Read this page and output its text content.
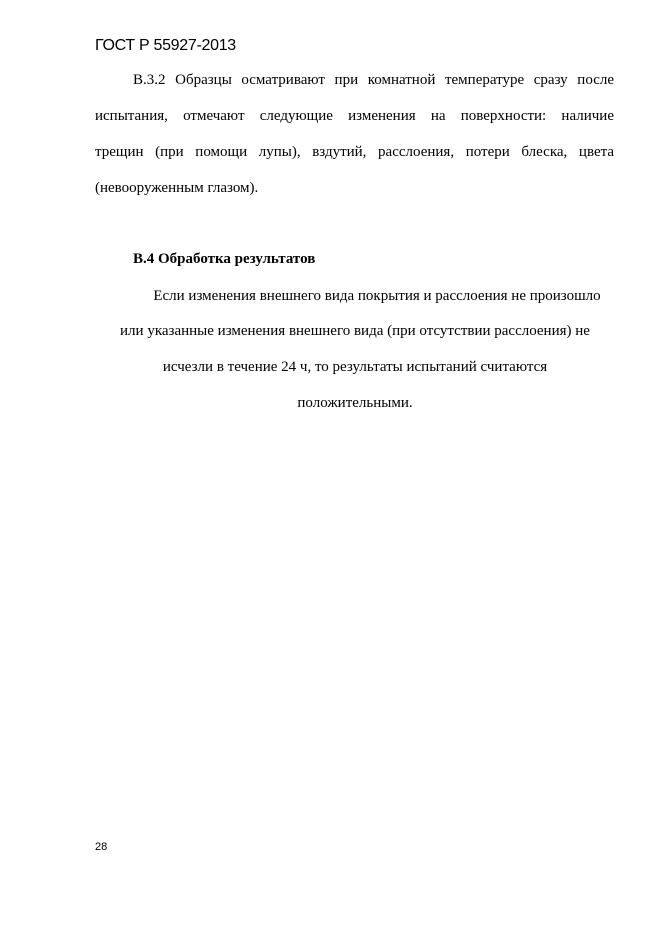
ГОСТ Р 55927-2013
В.3.2 Образцы осматривают при комнатной температуре сразу после
испытания, отмечают следующие изменения на поверхности: наличие
трещин (при помощи лупы), вздутий, расслоения, потери блеска, цвета
(невооруженным глазом).
В.4 Обработка результатов
Если изменения внешнего вида покрытия и расслоения не произошло
или указанные изменения внешнего вида (при отсутствии расслоения) не
исчезли в течение 24 ч, то результаты испытаний считаются
положительными.
28
